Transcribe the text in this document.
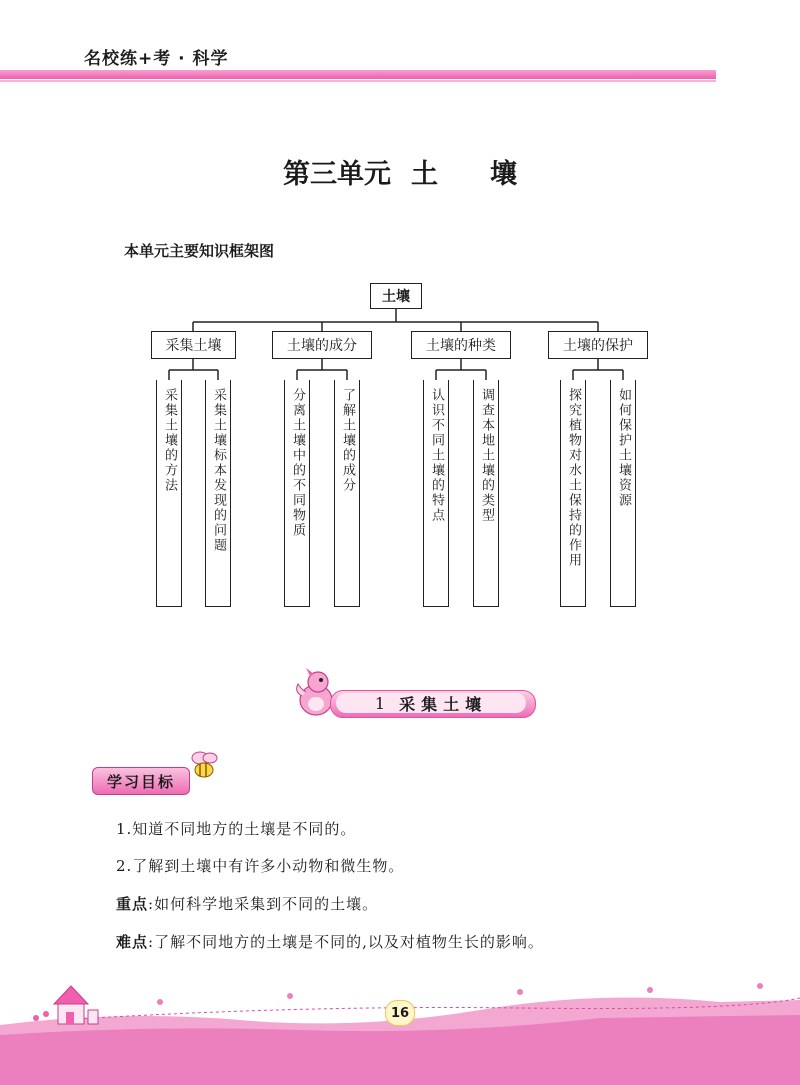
名校练+考 · 科学
第三单元 土 壤
本单元主要知识框架图
土壤
采集土壤	土壤的成分	土壤的种类	土壤的保护
采集土壤的方法	采集土壤标本发现的问题	分离土壤中的不同物质	了解土壤的成分	认识不同土壤的特点	调查本地土壤的类型	探究植物对水土保持的作用	如何保护土壤资源
1 采集土壤
学习目标
1.知道不同地方的土壤是不同的。
2.了解到土壤中有许多小动物和微生物。
重点:如何科学地采集到不同的土壤。
难点:了解不同地方的土壤是不同的,以及对植物生长的影响。
16
